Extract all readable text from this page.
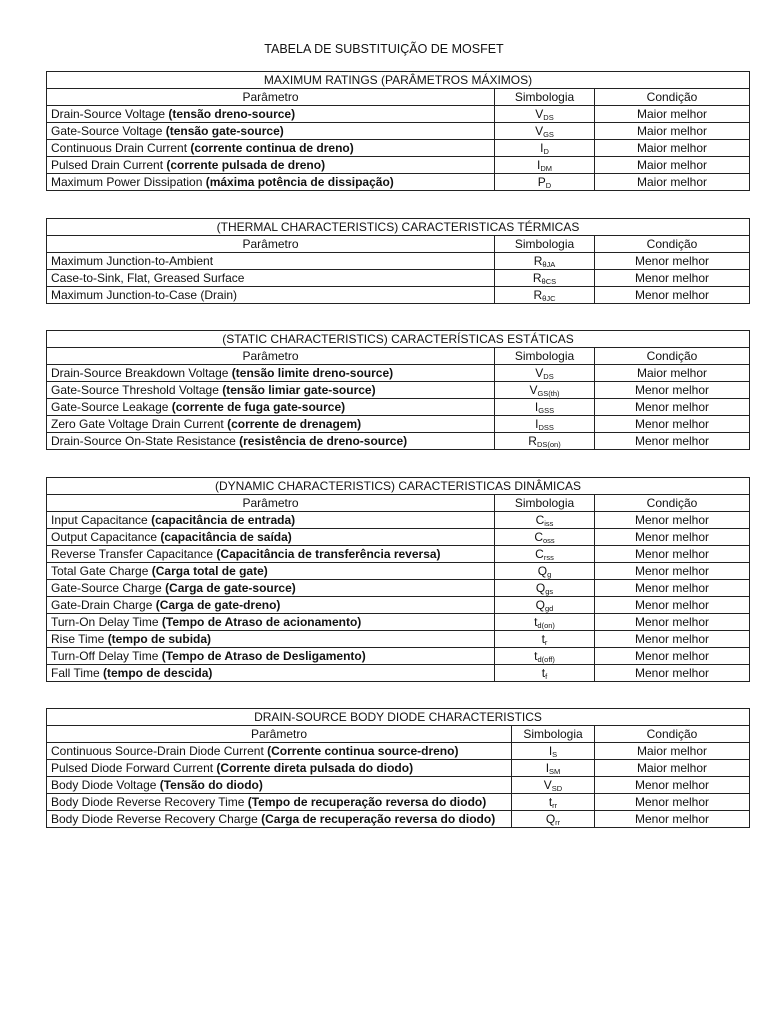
TABELA DE SUBSTITUIÇÃO DE MOSFET
MAXIMUM RATINGS (PARÂMETROS MÁXIMOS)		
Parâmetro	Simbologia	Condição
Drain-Source Voltage (tensão dreno-source)	$V_{DS}$	Maior melhor
Gate-Source Voltage (tensão gate-source)	$V_{GS}$	Maior melhor
Continuous Drain Current (corrente continua de dreno)	$I_D$	Maior melhor
Pulsed Drain Current (corrente pulsada de dreno)	$I_{DM}$	Maior melhor
Maximum Power Dissipation (máxima potência de dissipação)	$P_D$	Maior melhor
(THERMAL CHARACTERISTICS) CARACTERISTICAS TÉRMICAS		
Parâmetro	Simbologia	Condição
Maximum Junction-to-Ambient	$R_{\theta JA}$	Menor melhor
Case-to-Sink, Flat, Greased Surface	$R_{\theta CS}$	Menor melhor
Maximum Junction-to-Case (Drain)	$R_{\theta JC}$	Menor melhor
(STATIC CHARACTERISTICS) CARACTERÍSTICAS ESTÁTICAS		
Parâmetro	Simbologia	Condição
Drain-Source Breakdown Voltage (tensão limite dreno-source)	$V_{DS}$	Maior melhor
Gate-Source Threshold Voltage (tensão limiar gate-source)	$V_{GS(th)}$	Menor melhor
Gate-Source Leakage (corrente de fuga gate-source)	$I_{GSS}$	Menor melhor
Zero Gate Voltage Drain Current (corrente de drenagem)	$I_{DSS}$	Menor melhor
Drain-Source On-State Resistance (resistência de dreno-source)	$R_{DS(on)}$	Menor melhor
(DYNAMIC CHARACTERISTICS) CARACTERISTICAS DINÂMICAS		
Parâmetro	Simbologia	Condição
Input Capacitance (capacitância de entrada)	$C_{iss}$	Menor melhor
Output Capacitance (capacitância de saída)	$C_{oss}$	Menor melhor
Reverse Transfer Capacitance (Capacitância de transferência reversa)	$C_{rss}$	Menor melhor
Total Gate Charge (Carga total de gate)	$Q_g$	Menor melhor
Gate-Source Charge (Carga de gate-source)	$Q_{gs}$	Menor melhor
Gate-Drain Charge (Carga de gate-dreno)	$Q_{gd}$	Menor melhor
Turn-On Delay Time (Tempo de Atraso de acionamento)	$t_{d(on)}$	Menor melhor
Rise Time (tempo de subida)	$t_r$	Menor melhor
Turn-Off Delay Time (Tempo de Atraso de Desligamento)	$t_{d(off)}$	Menor melhor
Fall Time (tempo de descida)	$t_f$	Menor melhor
DRAIN-SOURCE BODY DIODE CHARACTERISTICS		
Parâmetro	Simbologia	Condição
Continuous Source-Drain Diode Current (Corrente continua source-dreno)	$I_S$	Maior melhor
Pulsed Diode Forward Current (Corrente direta pulsada do diodo)	$I_{SM}$	Maior melhor
Body Diode Voltage (Tensão do diodo)	$V_{SD}$	Menor melhor
Body Diode Reverse Recovery Time (Tempo de recuperação reversa do diodo)	$t_{rr}$	Menor melhor
Body Diode Reverse Recovery Charge (Carga de recuperação reversa do diodo)	$Q_{rr}$	Menor melhor
